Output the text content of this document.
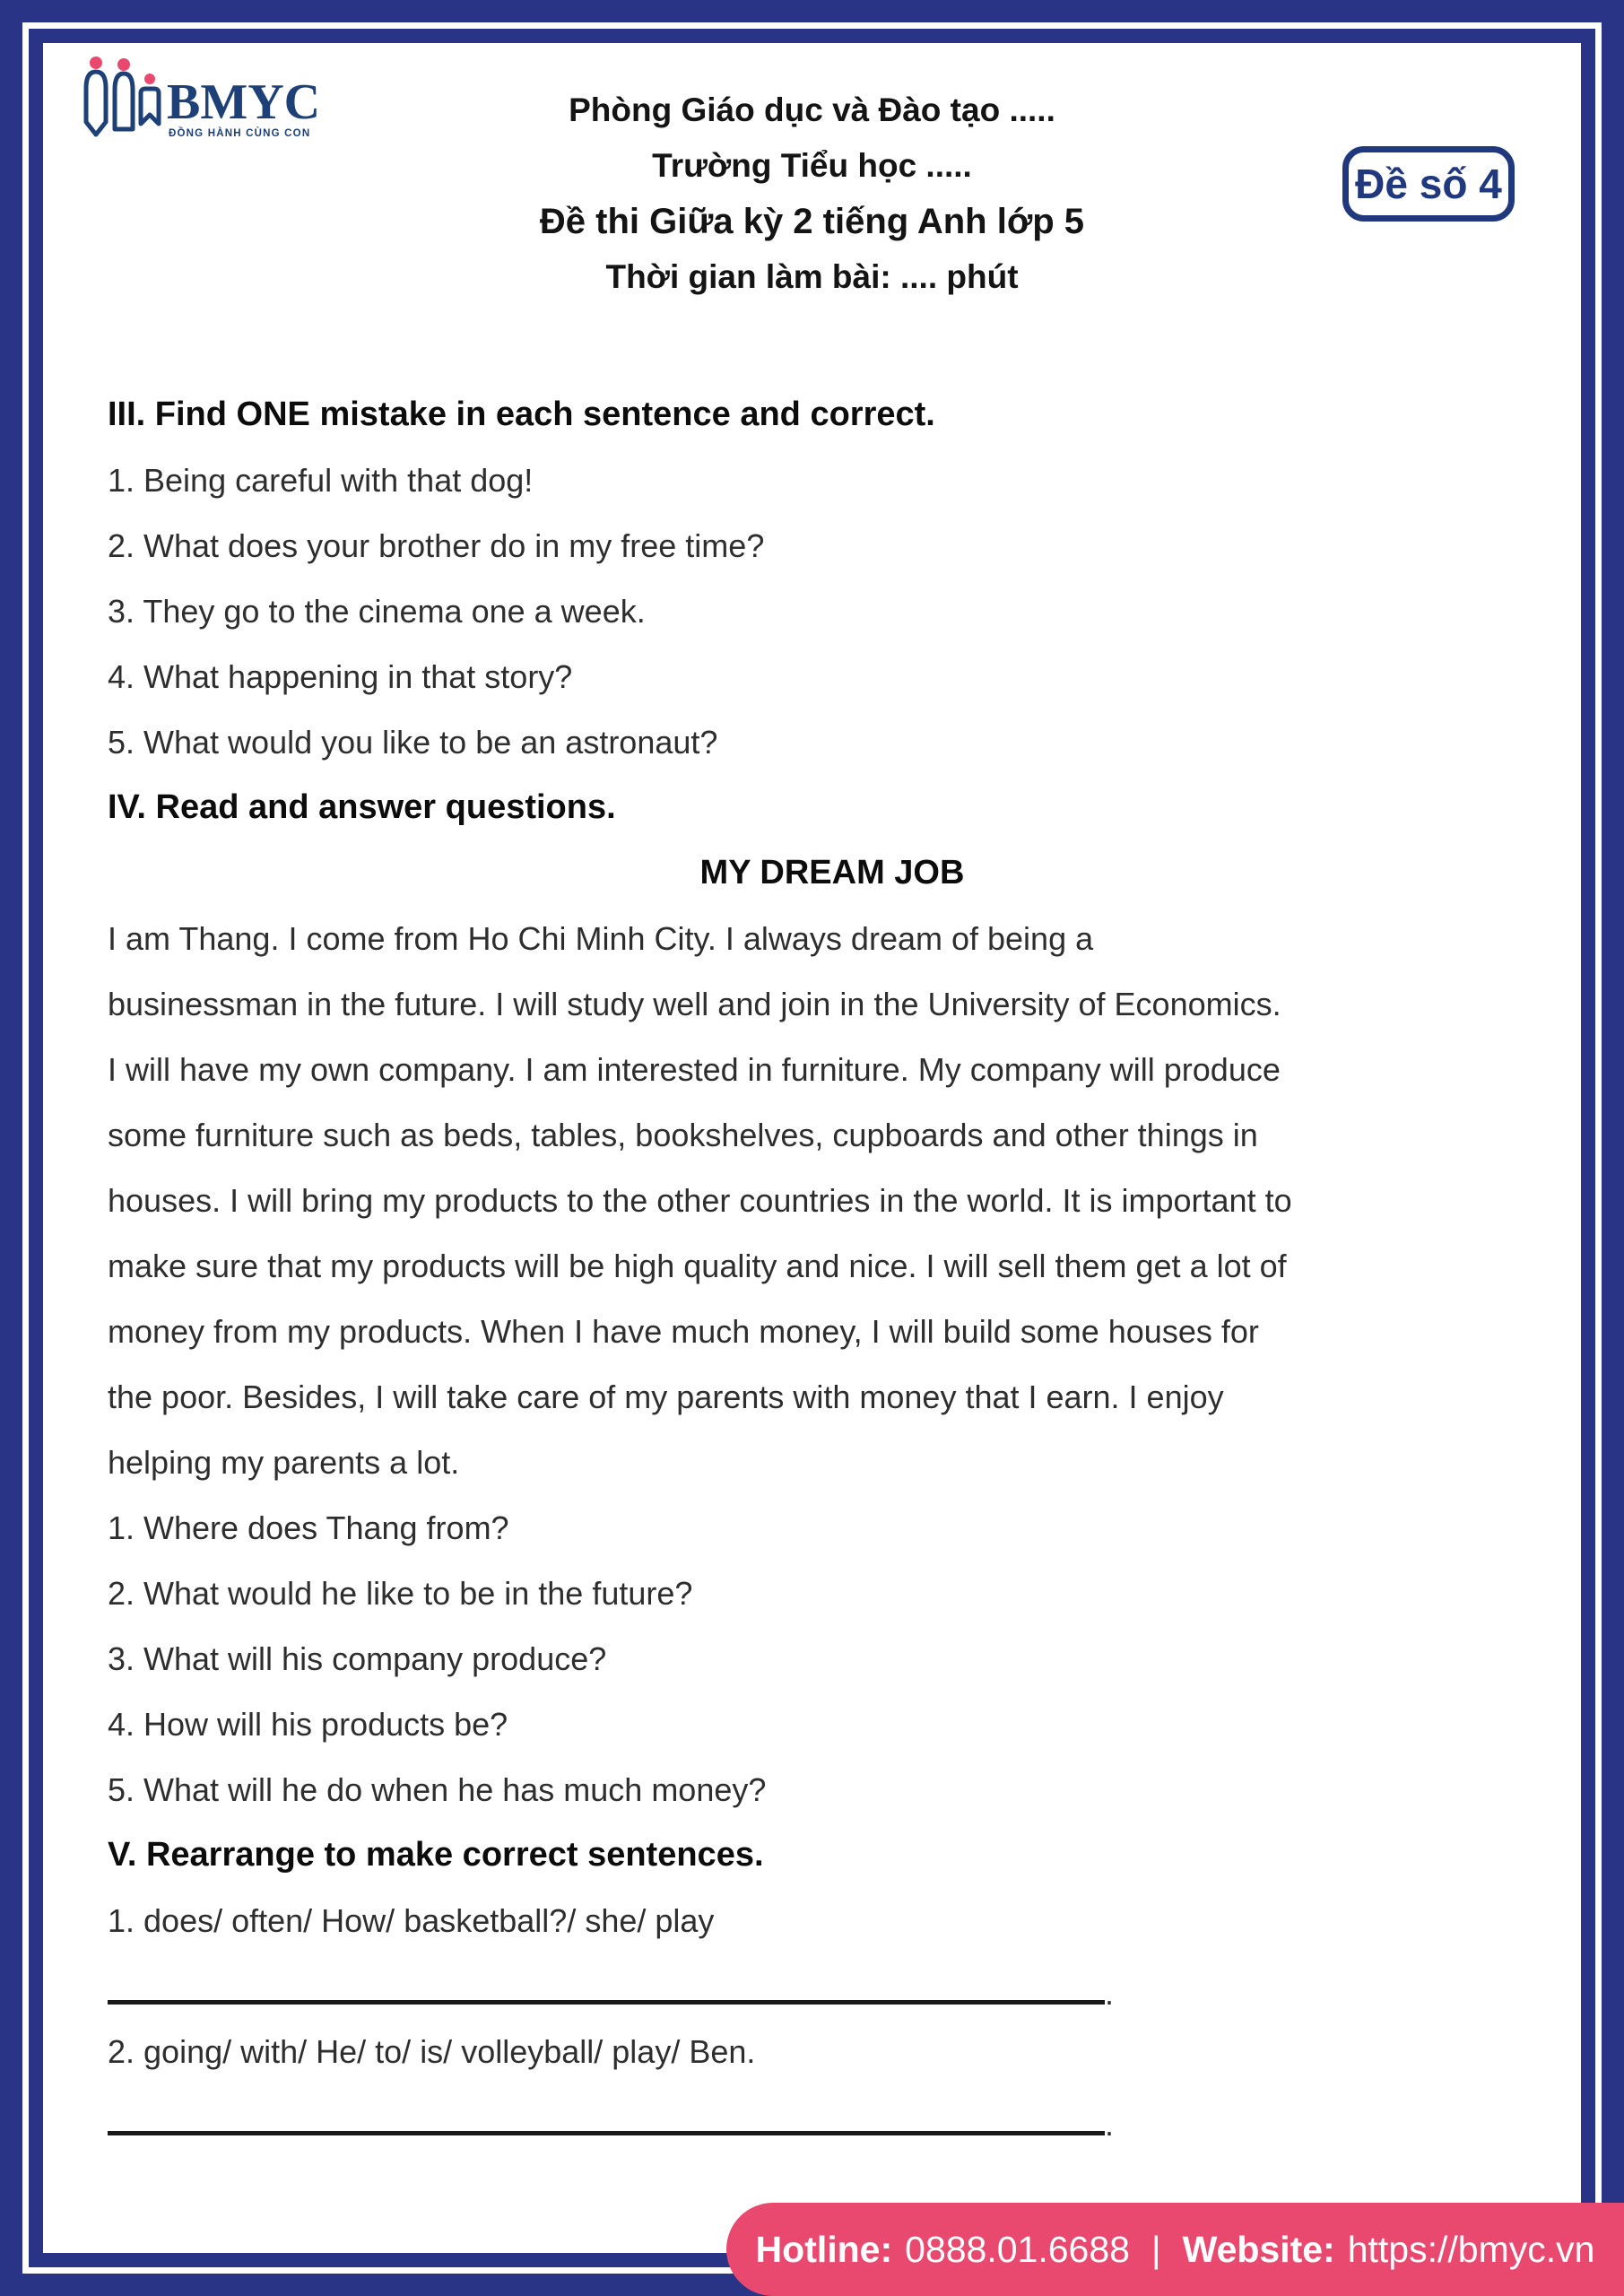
BMYC
ĐỒNG HÀNH CÙNG CON
Phòng Giáo dục và Đào tạo .....
Trường Tiểu học .....
Đề thi Giữa kỳ 2 tiếng Anh lớp 5
Thời gian làm bài: .... phút
Đề số 4
III. Find ONE mistake in each sentence and correct.
1. Being careful with that dog!
2. What does your brother do in my free time?
3. They go to the cinema one a week.
4. What happening in that story?
5. What would you like to be an astronaut?
IV. Read and answer questions.
MY DREAM JOB
I am Thang. I come from Ho Chi Minh City. I always dream of being a
businessman in the future. I will study well and join in the University of Economics.
I will have my own company. I am interested in furniture. My company will produce
some furniture such as beds, tables, bookshelves, cupboards and other things in
houses. I will bring my products to the other countries in the world. It is important to
make sure that my products will be high quality and nice. I will sell them get a lot of
money from my products. When I have much money, I will build some houses for
the poor. Besides, I will take care of my parents with money that I earn. I enjoy
helping my parents a lot.
1. Where does Thang from?
2. What would he like to be in the future?
3. What will his company produce?
4. How will his products be?
5. What will he do when he has much money?
V. Rearrange to make correct sentences.
1. does/ often/ How/ basketball?/ she/ play
.
2. going/ with/ He/ to/ is/ volleyball/ play/ Ben.
.
Hotline: 0888.01.6688 | Website: https://bmyc.vn
